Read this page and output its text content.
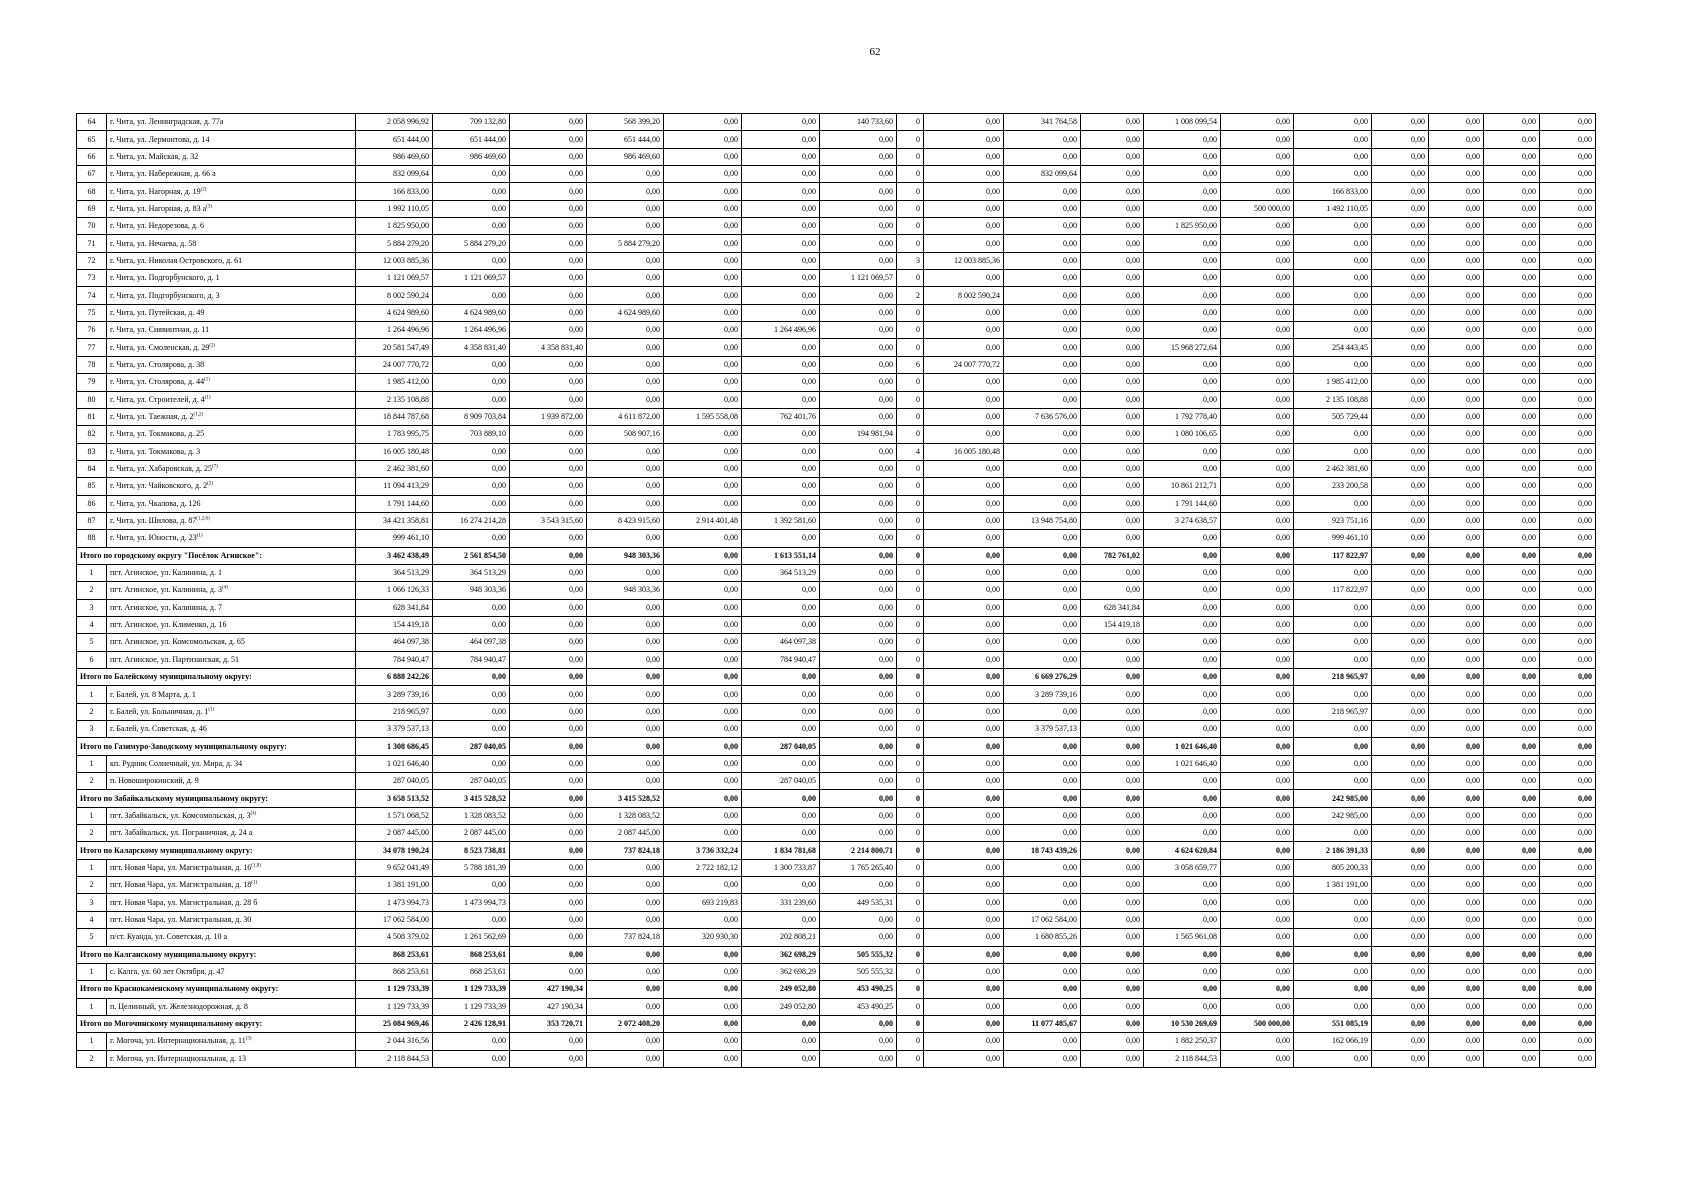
62
64	г. Чита, ул. Ленинградская, д. 77а	2 058 996,92	709 132,80	0,00	568 399,20	0,00	0,00	140 733,60	0	0,00	341 764,58	0,00	1 008 099,54	0,00	0,00	0,00	0,00	0,00	0,00
65	г. Чита, ул. Лермонтова, д. 14	651 444,00	651 444,00	0,00	651 444,00	0,00	0,00	0,00	0	0,00	0,00	0,00	0,00	0,00	0,00	0,00	0,00	0,00	0,00
66	г. Чита, ул. Майская, д. 32	986 469,60	986 469,60	0,00	986 469,60	0,00	0,00	0,00	0	0,00	0,00	0,00	0,00	0,00	0,00	0,00	0,00	0,00	0,00
67	г. Чита, ул. Набережная, д. 66 а	832 099,64	0,00	0,00	0,00	0,00	0,00	0,00	0	0,00	832 099,64	0,00	0,00	0,00	0,00	0,00	0,00	0,00	0,00
68	г. Чита, ул. Нагорная, д. 19$^{(2)}$	166 833,00	0,00	0,00	0,00	0,00	0,00	0,00	0	0,00	0,00	0,00	0,00	0,00	166 833,00	0,00	0,00	0,00	0,00
69	г. Чита, ул. Нагорная, д. 83 $а^{(3)}$	1 992 110,05	0,00	0,00	0,00	0,00	0,00	0,00	0	0,00	0,00	0,00	0,00	500 000,00	1 492 110,05	0,00	0,00	0,00	0,00
70	г. Чита, ул. Недорезова, д. 6	1 825 950,00	0,00	0,00	0,00	0,00	0,00	0,00	0	0,00	0,00	0,00	1 825 950,00	0,00	0,00	0,00	0,00	0,00	0,00
71	г. Чита, ул. Нечаева, д. 58	5 884 279,20	5 884 279,20	0,00	5 884 279,20	0,00	0,00	0,00	0	0,00	0,00	0,00	0,00	0,00	0,00	0,00	0,00	0,00	0,00
72	г. Чита, ул. Николая Островского, д. 61	12 003 885,36	0,00	0,00	0,00	0,00	0,00	0,00	3	12 003 885,36	0,00	0,00	0,00	0,00	0,00	0,00	0,00	0,00	0,00
73	г. Чита, ул. Подгорбунского, д. 1	1 121 069,57	1 121 069,57	0,00	0,00	0,00	0,00	1 121 069,57	0	0,00	0,00	0,00	0,00	0,00	0,00	0,00	0,00	0,00	0,00
74	г. Чита, ул. Подгорбунского, д. 3	8 002 590,24	0,00	0,00	0,00	0,00	0,00	0,00	2	8 002 590,24	0,00	0,00	0,00	0,00	0,00	0,00	0,00	0,00	0,00
75	г. Чита, ул. Путейская, д. 49	4 624 989,60	4 624 989,60	0,00	4 624 989,60	0,00	0,00	0,00	0	0,00	0,00	0,00	0,00	0,00	0,00	0,00	0,00	0,00	0,00
76	г. Чита, ул. Сиявинтная, д. 11	1 264 496,96	1 264 496,96	0,00	0,00	0,00	1 264 496,96	0,00	0	0,00	0,00	0,00	0,00	0,00	0,00	0,00	0,00	0,00	0,00
77	г. Чита, ул. Смоленская, д. 29$^{(2)}$	20 581 547,49	4 358 831,40	4 358 831,40	0,00	0,00	0,00	0,00	0	0,00	0,00	0,00	15 968 272,64	0,00	254 443,45	0,00	0,00	0,00	0,00
78	г. Чита, ул. Столярова, д. 38	24 007 770,72	0,00	0,00	0,00	0,00	0,00	0,00	6	24 007 770,72	0,00	0,00	0,00	0,00	0,00	0,00	0,00	0,00	0,00
79	г. Чита, ул. Столярова, д. 44$^{(1)}$	1 985 412,00	0,00	0,00	0,00	0,00	0,00	0,00	0	0,00	0,00	0,00	0,00	0,00	1 985 412,00	0,00	0,00	0,00	0,00
80	г. Чита, ул. Строителей, д. 4$^{(1)}$	2 135 108,88	0,00	0,00	0,00	0,00	0,00	0,00	0	0,00	0,00	0,00	0,00	0,00	2 135 108,88	0,00	0,00	0,00	0,00
81	г. Чита, ул. Таежная, д. 2$^{(1,2)}$	18 844 787,68	8 909 703,84	1 939 872,00	4 611 872,00	1 595 558,08	762 401,76	0,00	0	0,00	7 636 576,00	0,00	1 792 778,40	0,00	505 729,44	0,00	0,00	0,00	0,00
82	г. Чита, ул. Токмакова, д. 25	1 783 995,75	703 889,10	0,00	508 907,16	0,00	0,00	194 981,94	0	0,00	0,00	0,00	1 080 106,65	0,00	0,00	0,00	0,00	0,00	0,00
83	г. Чита, ул. Токмакова, д. 3	16 005 180,48	0,00	0,00	0,00	0,00	0,00	0,00	4	16 005 180,48	0,00	0,00	0,00	0,00	0,00	0,00	0,00	0,00	0,00
84	г. Чита, ул. Хабаровская, д. 25$^{(7)}$	2 462 381,60	0,00	0,00	0,00	0,00	0,00	0,00	0	0,00	0,00	0,00	0,00	0,00	2 462 381,60	0,00	0,00	0,00	0,00
85	г. Чита, ул. Чайковского, д. 2$^{(2)}$	11 094 413,29	0,00	0,00	0,00	0,00	0,00	0,00	0	0,00	0,00	0,00	10 861 212,71	0,00	233 200,58	0,00	0,00	0,00	0,00
86	г. Чита, ул. Чкалова, д. 126	1 791 144,60	0,00	0,00	0,00	0,00	0,00	0,00	0	0,00	0,00	0,00	1 791 144,60	0,00	0,00	0,00	0,00	0,00	0,00
87	г. Чита, ул. Шилова, д. 87$^{(1,2,6)}$	34 421 358,81	16 274 214,28	3 543 315,60	8 423 915,60	2 914 401,48	1 392 581,60	0,00	0	0,00	13 948 754,80	0,00	3 274 638,57	0,00	923 751,16	0,00	0,00	0,00	0,00
88	г. Чита, ул. Юности, д. 23$^{(1)}$	999 461,10	0,00	0,00	0,00	0,00	0,00	0,00	0	0,00	0,00	0,00	0,00	0,00	999 461,10	0,00	0,00	0,00	0,00
Итого по городскому округу "Посёлок Агинское":		3 462 438,49	2 561 854,50	0,00	948 303,36	0,00	1 613 551,14	0,00	0	0,00	0,00	782 761,02	0,00	0,00	117 822,97	0,00	0,00	0,00	0,00
1	пгт. Агинское, ул. Калинина, д. 1	364 513,29	364 513,29	0,00	0,00	0,00	364 513,29	0,00	0	0,00	0,00	0,00	0,00	0,00	0,00	0,00	0,00	0,00	0,00
2	пгт. Агинское, ул. Калинина, д. 3$^{(4)}$	1 066 126,33	948 303,36	0,00	948 303,36	0,00	0,00	0,00	0	0,00	0,00	0,00	0,00	0,00	117 822,97	0,00	0,00	0,00	0,00
3	пгт. Агинское, ул. Калинина, д. 7	628 341,84	0,00	0,00	0,00	0,00	0,00	0,00	0	0,00	0,00	628 341,84	0,00	0,00	0,00	0,00	0,00	0,00	0,00
4	пгт. Агинское, ул. Клименко, д. 16	154 419,18	0,00	0,00	0,00	0,00	0,00	0,00	0	0,00	0,00	154 419,18	0,00	0,00	0,00	0,00	0,00	0,00	0,00
5	пгт. Агинское, ул. Комсомольская, д. 65	464 097,38	464 097,38	0,00	0,00	0,00	464 097,38	0,00	0	0,00	0,00	0,00	0,00	0,00	0,00	0,00	0,00	0,00	0,00
6	пгт. Агинское, ул. Партизанская, д. 51	784 940,47	784 940,47	0,00	0,00	0,00	784 940,47	0,00	0	0,00	0,00	0,00	0,00	0,00	0,00	0,00	0,00	0,00	0,00
Итого по Балейскому муниципальному округу:		6 888 242,26	0,00	0,00	0,00	0,00	0,00	0,00	0	0,00	6 669 276,29	0,00	0,00	0,00	218 965,97	0,00	0,00	0,00	0,00
1	г. Балей, ул. 8 Марта, д. 1	3 289 739,16	0,00	0,00	0,00	0,00	0,00	0,00	0	0,00	3 289 739,16	0,00	0,00	0,00	0,00	0,00	0,00	0,00	0,00
2	г. Балей, ул. Больничная, д. 1$^{(1)}$	218 965,97	0,00	0,00	0,00	0,00	0,00	0,00	0	0,00	0,00	0,00	0,00	0,00	218 965,97	0,00	0,00	0,00	0,00
3	г. Балей, ул. Советская, д. 46	3 379 537,13	0,00	0,00	0,00	0,00	0,00	0,00	0	0,00	3 379 537,13	0,00	0,00	0,00	0,00	0,00	0,00	0,00	0,00
Итого по Газимуро-Заводскому муниципальному округу:		1 308 686,45	287 040,05	0,00	0,00	0,00	287 040,05	0,00	0	0,00	0,00	0,00	1 021 646,40	0,00	0,00	0,00	0,00	0,00	0,00
1	кп. Рудник Солнечный, ул. Мира, д. 34	1 021 646,40	0,00	0,00	0,00	0,00	0,00	0,00	0	0,00	0,00	0,00	1 021 646,40	0,00	0,00	0,00	0,00	0,00	0,00
2	п. Новоширокинский, д. 9	287 040,05	287 040,05	0,00	0,00	0,00	287 040,05	0,00	0	0,00	0,00	0,00	0,00	0,00	0,00	0,00	0,00	0,00	0,00
Итого по Забайкальскому муниципальному округу:		3 658 513,52	3 415 528,52	0,00	3 415 528,52	0,00	0,00	0,00	0	0,00	0,00	0,00	0,00	0,00	242 985,00	0,00	0,00	0,00	0,00
1	пгт. Забайкальск, ул. Комсомольская, д. 3$^{(4)}$	1 571 068,52	1 328 083,52	0,00	1 328 083,52	0,00	0,00	0,00	0	0,00	0,00	0,00	0,00	0,00	242 985,00	0,00	0,00	0,00	0,00
2	пгт. Забайкальск, ул. Пограничная, д. 24 а	2 087 445,00	2 087 445,00	0,00	2 087 445,00	0,00	0,00	0,00	0	0,00	0,00	0,00	0,00	0,00	0,00	0,00	0,00	0,00	0,00
Итого по Каларскому муниципальному округу:		34 078 190,24	8 523 738,81	0,00	737 824,18	3 736 332,24	1 834 781,68	2 214 800,71	0	0,00	18 743 439,26	0,00	4 624 620,84	0,00	2 186 391,33	0,00	0,00	0,00	0,00
1	пгт. Новая Чара, ул. Магистральная, д. 16$^{(1,8)}$	9 652 041,49	5 788 181,39	0,00	0,00	2 722 182,12	1 300 733,87	1 765 265,40	0	0,00	0,00	0,00	3 058 659,77	0,00	805 200,33	0,00	0,00	0,00	0,00
2	пгт. Новая Чара, ул. Магистральная, д. 18$^{(1)}$	1 381 191,00	0,00	0,00	0,00	0,00	0,00	0,00	0	0,00	0,00	0,00	0,00	0,00	1 381 191,00	0,00	0,00	0,00	0,00
3	пгт. Новая Чара, ул. Магистральная, д. 28 б	1 473 994,73	1 473 994,73	0,00	0,00	693 219,83	331 239,60	449 535,31	0	0,00	0,00	0,00	0,00	0,00	0,00	0,00	0,00	0,00	0,00
4	пгт. Новая Чара, ул. Магистральная, д. 30	17 062 584,00	0,00	0,00	0,00	0,00	0,00	0,00	0	0,00	17 062 584,00	0,00	0,00	0,00	0,00	0,00	0,00	0,00	0,00
5	п/ст. Куанда, ул. Советская, д. 10 а	4 508 379,02	1 261 562,69	0,00	737 824,18	320 930,30	202 808,21	0,00	0	0,00	1 680 855,26	0,00	1 565 961,08	0,00	0,00	0,00	0,00	0,00	0,00
Итого по Калганскому муниципальному округу:		868 253,61	868 253,61	0,00	0,00	0,00	362 698,29	505 555,32	0	0,00	0,00	0,00	0,00	0,00	0,00	0,00	0,00	0,00	0,00
1	с. Калга, ул. 60 лет Октября, д. 47	868 253,61	868 253,61	0,00	0,00	0,00	362 698,29	505 555,32	0	0,00	0,00	0,00	0,00	0,00	0,00	0,00	0,00	0,00	0,00
Итого по Краснокаменскому муниципальному округу:		1 129 733,39	1 129 733,39	427 190,34	0,00	0,00	249 052,80	453 490,25	0	0,00	0,00	0,00	0,00	0,00	0,00	0,00	0,00	0,00	0,00
1	п. Целинный, ул. Железнодорожная, д. 8	1 129 733,39	1 129 733,39	427 190,34	0,00	0,00	249 052,80	453 490,25	0	0,00	0,00	0,00	0,00	0,00	0,00	0,00	0,00	0,00	0,00
Итого по Могочинскому муниципальному округу:		25 084 969,46	2 426 128,91	353 720,71	2 072 408,20	0,00	0,00	0,00	0	0,00	11 077 485,67	0,00	10 530 269,69	500 000,00	551 085,19	0,00	0,00	0,00	0,00
1	г. Могоча, ул. Интернациональная, д. 11$^{(3)}$	2 044 316,56	0,00	0,00	0,00	0,00	0,00	0,00	0	0,00	0,00	0,00	1 882 250,37	0,00	162 066,19	0,00	0,00	0,00	0,00
2	г. Могоча, ул. Интернациональная, д. 13	2 118 844,53	0,00	0,00	0,00	0,00	0,00	0,00	0	0,00	0,00	0,00	2 118 844,53	0,00	0,00	0,00	0,00	0,00	0,00
